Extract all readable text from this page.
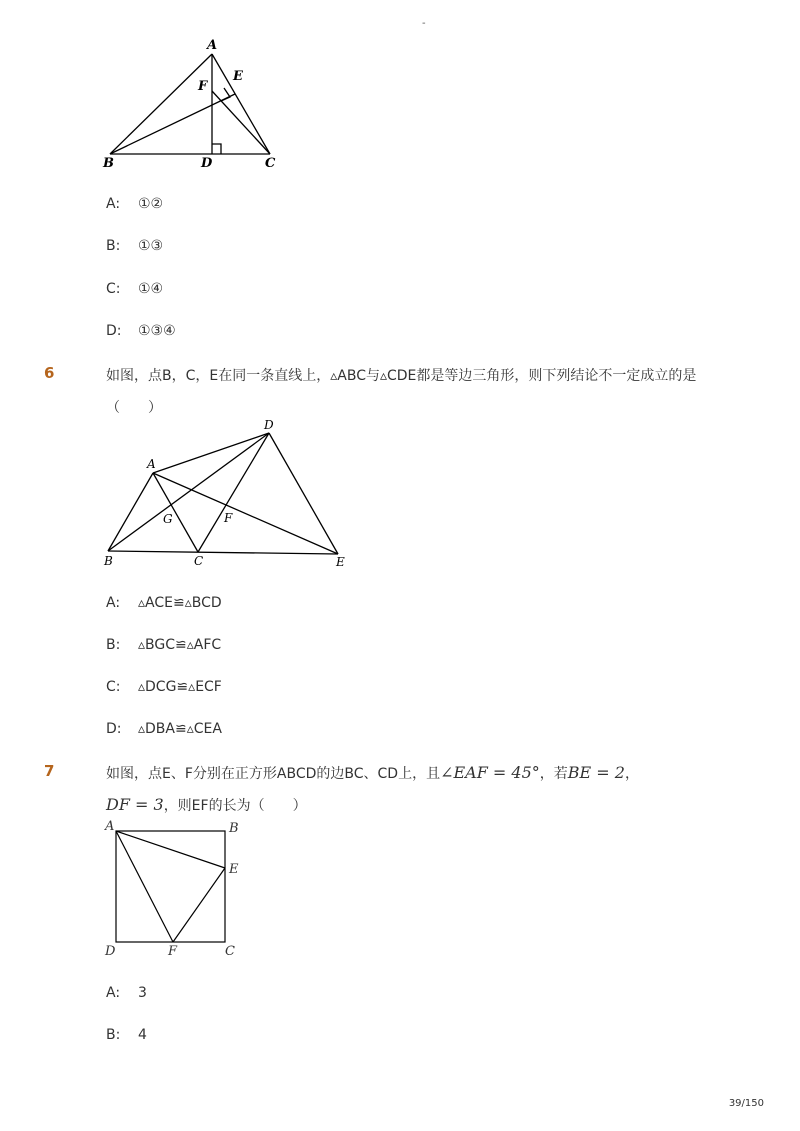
-
A
B	C
D
E
F
A: ①②
B: ①③
C: ①④
D: ①③④
6	如图，点B，C，E在同一条直线上，▵ABC与▵CDE都是等边三角形，则下列结论不一定成立的是
（　　）
D
A
G	F
B	C	E
A: ▵ACE≌▵BCD
B: ▵BGC≌▵AFC
C: ▵DCG≌▵ECF
D: ▵DBA≌▵CEA
7	如图，点E、F分别在正方形ABCD的边BC、CD上，且∠EAF = 45°，若BE = 2，
DF = 3，则EF的长为（　　）
A	B
E
D	F	C
A: 3
B: 4
39/150
